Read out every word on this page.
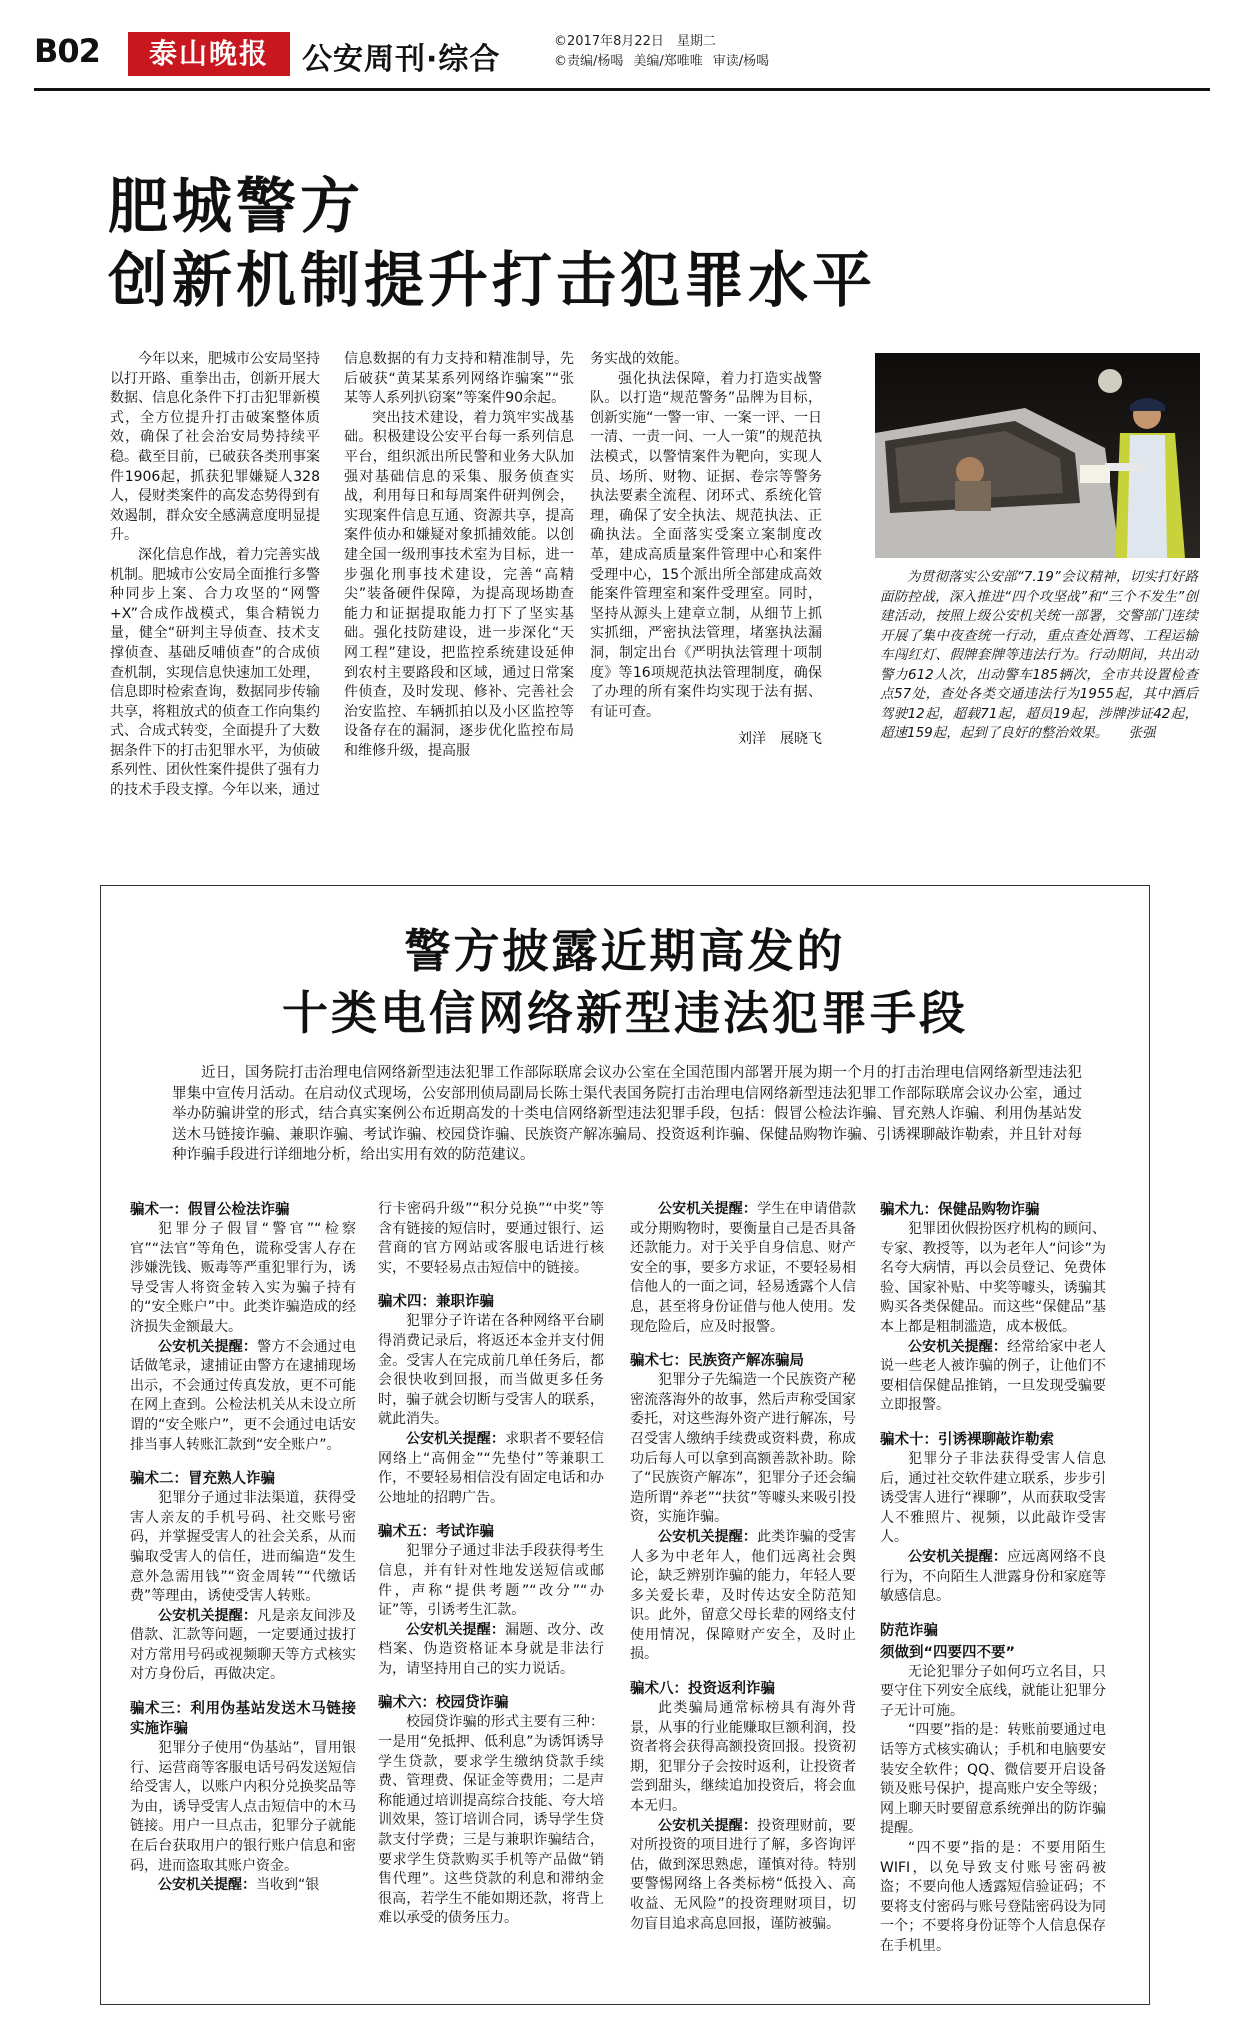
B02	泰山晚报	公安周刊·综合
©2017年8月22日　星期二
©责编/杨喝 美编/郑唯唯 审读/杨喝
肥城警方
创新机制提升打击犯罪水平

今年以来，肥城市公安局坚持以打开路、重拳出击，创新开展大数据、信息化条件下打击犯罪新模式，全方位提升打击破案整体质效，确保了社会治安局势持续平稳。截至目前，已破获各类刑事案件1906起，抓获犯罪嫌疑人328人，侵财类案件的高发态势得到有效遏制，群众安全感满意度明显提升。

深化信息作战，着力完善实战机制。肥城市公安局全面推行多警种同步上案、合力攻坚的“网警+X”合成作战模式，集合精锐力量，健全“研判主导侦查、技术支撑侦查、基础反哺侦查”的合成侦查机制，实现信息快速加工处理，信息即时检索查询，数据同步传输共享，将粗放式的侦查工作向集约式、合成式转变，全面提升了大数据条件下的打击犯罪水平，为侦破系列性、团伙性案件提供了强有力的技术手段支撑。今年以来，通过

信息数据的有力支持和精准制导，先后破获“黄某某系列网络诈骗案”“张某等人系列扒窃案”等案件90余起。

突出技术建设，着力筑牢实战基础。积极建设公安平台每一系列信息平台，组织派出所民警和业务大队加强对基础信息的采集、服务侦查实战，利用每日和每周案件研判例会，实现案件信息互通、资源共享，提高案件侦办和嫌疑对象抓捕效能。以创建全国一级刑事技术室为目标，进一步强化刑事技术建设，完善“高精尖”装备硬件保障，为提高现场勘查能力和证据提取能力打下了坚实基础。强化技防建设，进一步深化“天网工程”建设，把监控系统建设延伸到农村主要路段和区域，通过日常案件侦查，及时发现、修补、完善社会治安监控、车辆抓拍以及小区监控等设备存在的漏洞，逐步优化监控布局和维修升级，提高服

务实战的效能。

强化执法保障，着力打造实战警队。以打造“规范警务”品牌为目标，创新实施“一警一审、一案一评、一日一清、一责一问、一人一策”的规范执法模式，以警情案件为靶向，实现人员、场所、财物、证据、卷宗等警务执法要素全流程、闭环式、系统化管理，确保了安全执法、规范执法、正确执法。全面落实受案立案制度改革，建成高质量案件管理中心和案件受理中心，15个派出所全部建成高效能案件管理室和案件受理室。同时，坚持从源头上建章立制，从细节上抓实抓细，严密执法管理，堵塞执法漏洞，制定出台《严明执法管理十项制度》等16项规范执法管理制度，确保了办理的所有案件均实现于法有据、有证可查。

刘洋　展晓飞

为贯彻落实公安部“7.19”会议精神，切实打好路面防控战，深入推进“四个攻坚战”和“三个不发生”创建活动，按照上级公安机关统一部署，交警部门连续开展了集中夜查统一行动，重点查处酒驾、工程运输车闯红灯、假牌套牌等违法行为。行动期间，共出动警力612人次，出动警车185辆次，全市共设置检查点57处，查处各类交通违法行为1955起，其中酒后驾驶12起，超载71起，超员19起，涉牌涉证42起，超速159起，起到了良好的整治效果。　　张强

警方披露近期高发的
十类电信网络新型违法犯罪手段

近日，国务院打击治理电信网络新型违法犯罪工作部际联席会议办公室在全国范围内部署开展为期一个月的打击治理电信网络新型违法犯罪集中宣传月活动。在启动仪式现场，公安部刑侦局副局长陈士渠代表国务院打击治理电信网络新型违法犯罪工作部际联席会议办公室，通过举办防骗讲堂的形式，结合真实案例公布近期高发的十类电信网络新型违法犯罪手段，包括：假冒公检法诈骗、冒充熟人诈骗、利用伪基站发送木马链接诈骗、兼职诈骗、考试诈骗、校园贷诈骗、民族资产解冻骗局、投资返利诈骗、保健品购物诈骗、引诱裸聊敲诈勒索，并且针对每种诈骗手段进行详细地分析，给出实用有效的防范建议。

骗术一：假冒公检法诈骗

犯罪分子假冒“警官”“检察官”“法官”等角色，谎称受害人存在涉嫌洗钱、贩毒等严重犯罪行为，诱导受害人将资金转入实为骗子持有的“安全账户”中。此类诈骗造成的经济损失金额最大。

公安机关提醒：警方不会通过电话做笔录，逮捕证由警方在逮捕现场出示，不会通过传真发放，更不可能在网上查到。公检法机关从未设立所谓的“安全账户”，更不会通过电话安排当事人转账汇款到“安全账户”。

骗术二：冒充熟人诈骗

犯罪分子通过非法渠道，获得受害人亲友的手机号码、社交账号密码，并掌握受害人的社会关系，从而骗取受害人的信任，进而编造“发生意外急需用钱”“资金周转”“代缴话费”等理由，诱使受害人转账。

公安机关提醒：凡是亲友间涉及借款、汇款等问题，一定要通过拔打对方常用号码或视频聊天等方式核实对方身份后，再做决定。

骗术三：利用伪基站发送木马链接实施诈骗

犯罪分子使用“伪基站”，冒用银行、运营商等客服电话号码发送短信给受害人，以账户内积分兑换奖品等为由，诱导受害人点击短信中的木马链接。用户一旦点击，犯罪分子就能在后台获取用户的银行账户信息和密码，进而盗取其账户资金。

公安机关提醒：当收到“银

行卡密码升级”“积分兑换”“中奖”等含有链接的短信时，要通过银行、运营商的官方网站或客服电话进行核实，不要轻易点击短信中的链接。

骗术四：兼职诈骗

犯罪分子许诺在各种网络平台刷得消费记录后，将返还本金并支付佣金。受害人在完成前几单任务后，都会很快收到回报，而当做更多任务时，骗子就会切断与受害人的联系，就此消失。

公安机关提醒：求职者不要轻信网络上“高佣金”“先垫付”等兼职工作，不要轻易相信没有固定电话和办公地址的招聘广告。

骗术五：考试诈骗

犯罪分子通过非法手段获得考生信息，并有针对性地发送短信或邮件，声称“提供考题”“改分”“办证”等，引诱考生汇款。

公安机关提醒：漏题、改分、改档案、伪造资格证本身就是非法行为，请坚持用自己的实力说话。

骗术六：校园贷诈骗

校园贷诈骗的形式主要有三种：一是用“免抵押、低利息”为诱饵诱导学生贷款，要求学生缴纳贷款手续费、管理费、保证金等费用；二是声称能通过培训提高综合技能、夸大培训效果，签订培训合同，诱导学生贷款支付学费；三是与兼职诈骗结合，要求学生贷款购买手机等产品做“销售代理”。这些贷款的利息和滞纳金很高，若学生不能如期还款，将背上难以承受的债务压力。

公安机关提醒：学生在申请借款或分期购物时，要衡量自己是否具备还款能力。对于关乎自身信息、财产安全的事，要多方求证，不要轻易相信他人的一面之词，轻易透露个人信息，甚至将身份证借与他人使用。发现危险后，应及时报警。

骗术七：民族资产解冻骗局

犯罪分子先编造一个民族资产秘密流落海外的故事，然后声称受国家委托，对这些海外资产进行解冻，号召受害人缴纳手续费或资料费，称成功后每人可以拿到高额善款补助。除了“民族资产解冻”，犯罪分子还会编造所谓“养老”“扶贫”等噱头来吸引投资，实施诈骗。

公安机关提醒：此类诈骗的受害人多为中老年人，他们远离社会舆论，缺乏辨别诈骗的能力，年轻人要多关爱长辈，及时传达安全防范知识。此外，留意父母长辈的网络支付使用情况，保障财产安全，及时止损。

骗术八：投资返利诈骗

此类骗局通常标榜具有海外背景，从事的行业能赚取巨额利润，投资者将会获得高额投资回报。投资初期，犯罪分子会按时返利，让投资者尝到甜头，继续追加投资后，将会血本无归。

公安机关提醒：投资理财前，要对所投资的项目进行了解，多咨询评估，做到深思熟虑，谨慎对待。特别要警惕网络上各类标榜“低投入、高收益、无风险”的投资理财项目，切勿盲目追求高息回报，谨防被骗。

骗术九：保健品购物诈骗

犯罪团伙假扮医疗机构的顾问、专家、教授等，以为老年人“问诊”为名夸大病情，再以会员登记、免费体验、国家补贴、中奖等噱头，诱骗其购买各类保健品。而这些“保健品”基本上都是粗制滥造，成本极低。

公安机关提醒：经常给家中老人说一些老人被诈骗的例子，让他们不要相信保健品推销，一旦发现受骗要立即报警。

骗术十：引诱裸聊敲诈勒索

犯罪分子非法获得受害人信息后，通过社交软件建立联系，步步引诱受害人进行“裸聊”，从而获取受害人不雅照片、视频，以此敲诈受害人。

公安机关提醒：应远离网络不良行为，不向陌生人泄露身份和家庭等敏感信息。

防范诈骗
须做到“四要四不要”

无论犯罪分子如何巧立名目，只要守住下列安全底线，就能让犯罪分子无计可施。

“四要”指的是：转账前要通过电话等方式核实确认；手机和电脑要安装安全软件；QQ、微信要开启设备锁及账号保护，提高账户安全等级；网上聊天时要留意系统弹出的防诈骗提醒。

“四不要”指的是：不要用陌生WIFI，以免导致支付账号密码被盗；不要向他人透露短信验证码；不要将支付密码与账号登陆密码设为同一个；不要将身份证等个人信息保存在手机里。
